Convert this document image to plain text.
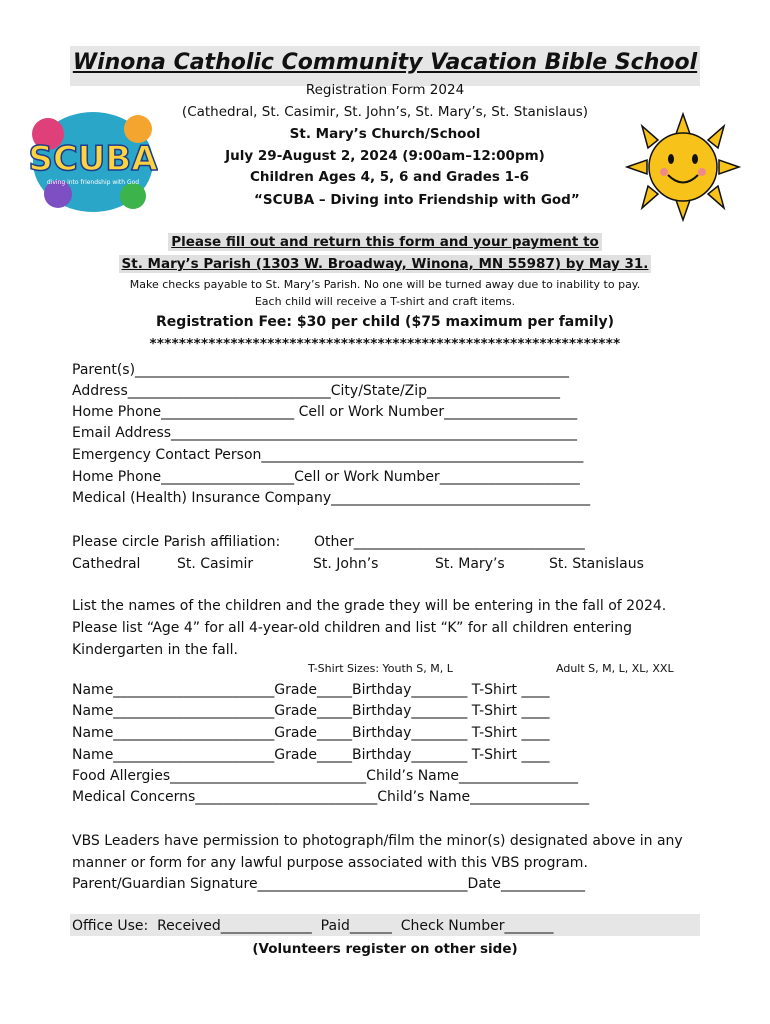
Winona Catholic Community Vacation Bible School
SCUBA
diving into friendship with God
Registration Form 2024
(Cathedral, St. Casimir, St. John’s, St. Mary’s, St. Stanislaus)
St. Mary’s Church/School
July 29-August 2, 2024 (9:00am–12:00pm)
Children Ages 4, 5, 6 and Grades 1-6
“SCUBA – Diving into Friendship with God”
Please fill out and return this form and your payment to
St. Mary’s Parish (1303 W. Broadway, Winona, MN 55987) by May 31.
Make checks payable to St. Mary’s Parish. No one will be turned away due to inability to pay.
Each child will receive a T-shirt and craft items.
Registration Fee: $30 per child ($75 maximum per family)
****************************************************************
Parent(s)______________________________________________________________
Address_____________________________City/State/Zip___________________
Home Phone___________________ Cell or Work Number___________________
Email Address__________________________________________________________
Emergency Contact Person______________________________________________
Home Phone___________________Cell or Work Number____________________
Medical (Health) Insurance Company_____________________________________
Please circle Parish affiliation: Other_________________________________
Cathedral	St. Casimir	St. John’s	St. Mary’s	St. Stanislaus
List the names of the children and the grade they will be entering in the fall of 2024.
Please list “Age 4” for all 4-year-old children and list “K” for all children entering
Kindergarten in the fall.
T-Shirt Sizes: Youth S, M, L	Adult S, M, L, XL, XXL
Name_______________________Grade_____Birthday________ T-Shirt ____
Name_______________________Grade_____Birthday________ T-Shirt ____
Name_______________________Grade_____Birthday________ T-Shirt ____
Name_______________________Grade_____Birthday________ T-Shirt ____
Food Allergies____________________________Child’s Name_________________
Medical Concerns__________________________Child’s Name_________________
VBS Leaders have permission to photograph/film the minor(s) designated above in any
manner or form for any lawful purpose associated with this VBS program.
Parent/Guardian Signature______________________________Date____________
Office Use:  Received_____________  Paid______  Check Number_______
(Volunteers register on other side)
